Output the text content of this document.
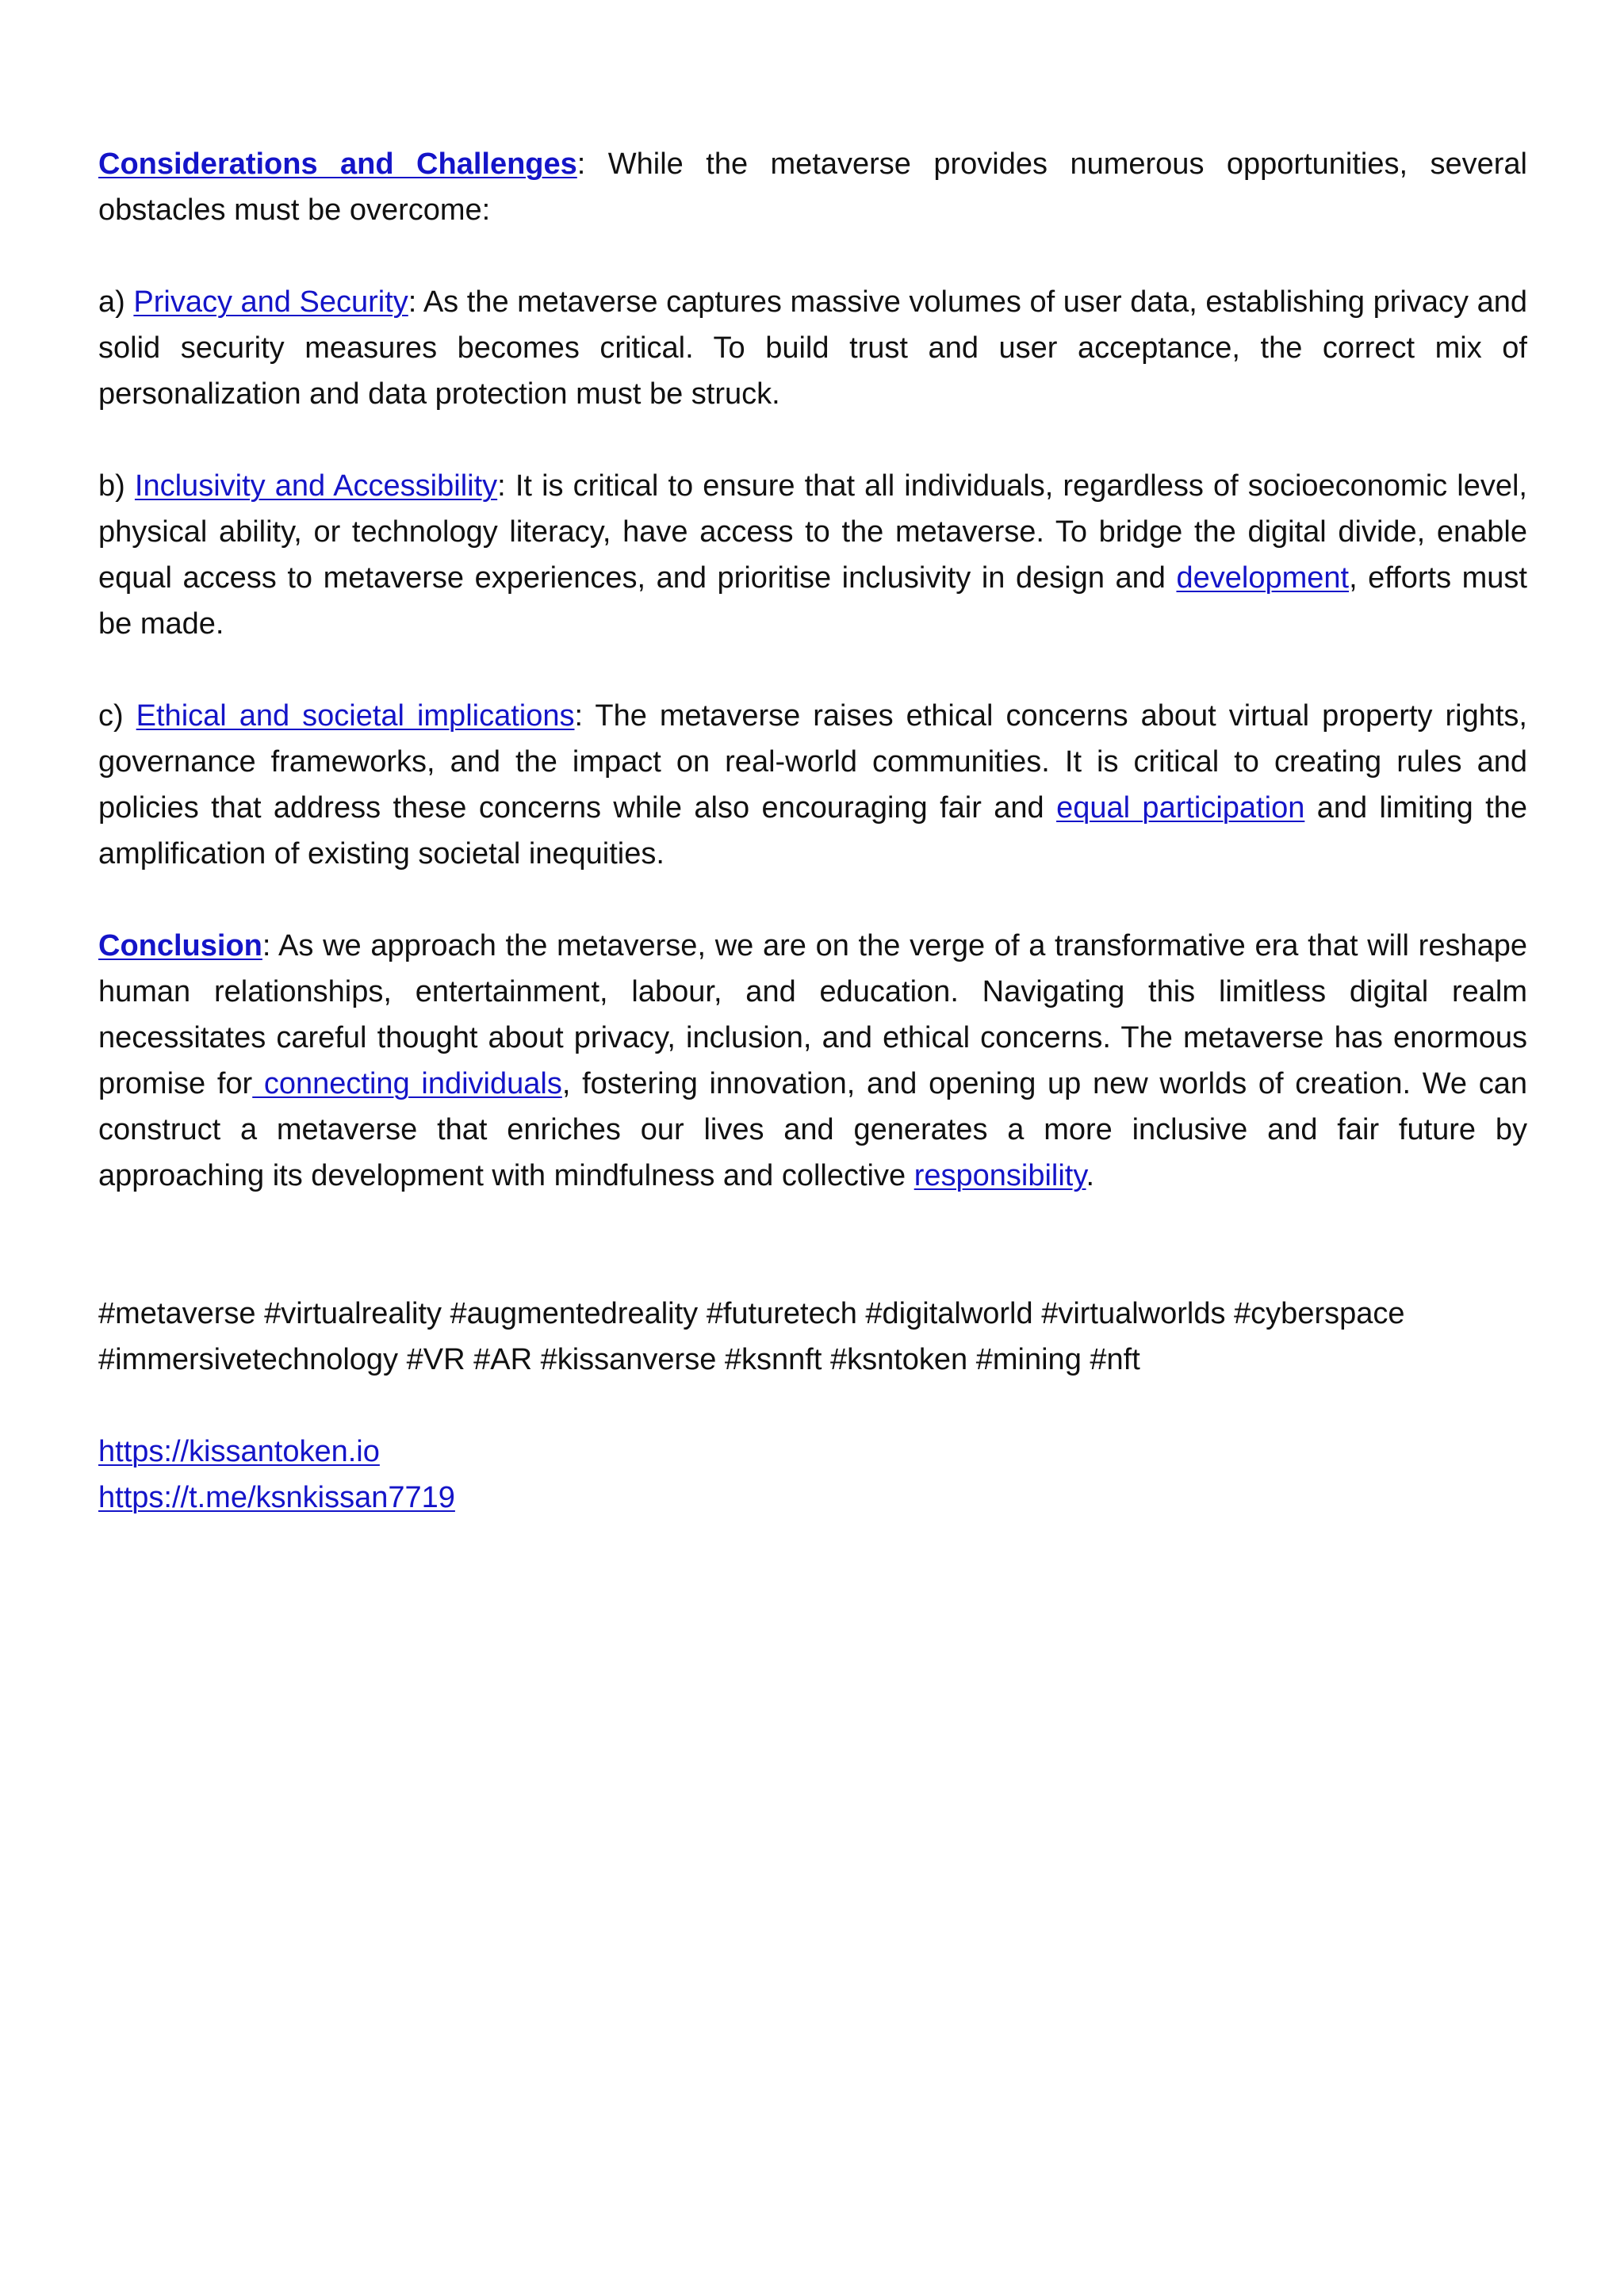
Considerations and Challenges: While the metaverse provides numerous opportunities, several obstacles must be overcome:

a) Privacy and Security: As the metaverse captures massive volumes of user data, establishing privacy and solid security measures becomes critical. To build trust and user acceptance, the correct mix of personalization and data protection must be struck.

b) Inclusivity and Accessibility: It is critical to ensure that all individuals, regardless of socioeconomic level, physical ability, or technology literacy, have access to the metaverse. To bridge the digital divide, enable equal access to metaverse experiences, and prioritise inclusivity in design and development, efforts must be made.

c) Ethical and societal implications: The metaverse raises ethical concerns about virtual property rights, governance frameworks, and the impact on real-world communities. It is critical to creating rules and policies that address these concerns while also encouraging fair and equal participation and limiting the amplification of existing societal inequities.

Conclusion: As we approach the metaverse, we are on the verge of a transformative era that will reshape human relationships, entertainment, labour, and education. Navigating this limitless digital realm necessitates careful thought about privacy, inclusion, and ethical concerns. The metaverse has enormous promise for connecting individuals, fostering innovation, and opening up new worlds of creation. We can construct a metaverse that enriches our lives and generates a more inclusive and fair future by approaching its development with mindfulness and collective responsibility.

#metaverse #virtualreality #augmentedreality #futuretech #digitalworld #virtualworlds #cyberspace #immersivetechnology #VR #AR #kissanverse #ksnnft #ksntoken #mining #nft

https://kissantoken.io
https://t.me/ksnkissan7719
